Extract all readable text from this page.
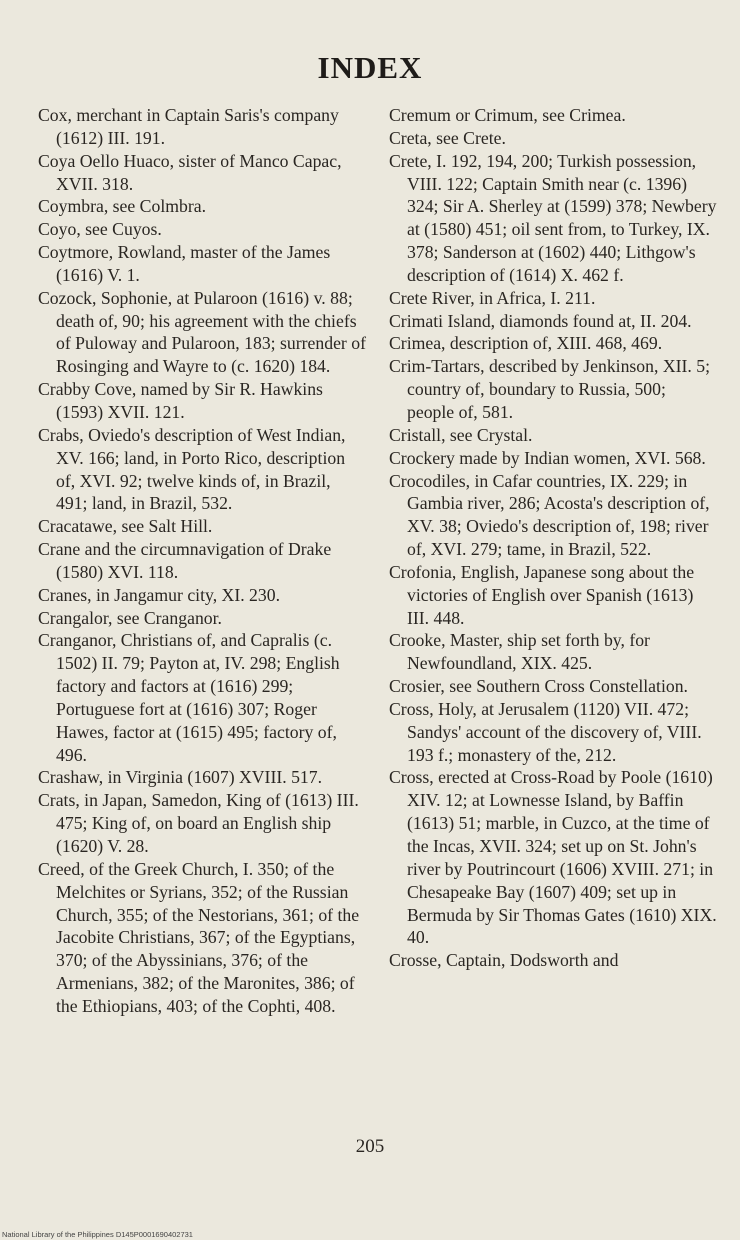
INDEX

Cox, merchant in Captain Saris's company (1612) III. 191.

Coya Oello Huaco, sister of Manco Capac, XVII. 318.

Coymbra, see Colmbra.

Coyo, see Cuyos.

Coytmore, Rowland, master of the James (1616) V. 1.

Cozock, Sophonie, at Pularoon (1616) v. 88; death of, 90; his agreement with the chiefs of Puloway and Pularoon, 183; surrender of Rosinging and Wayre to (c. 1620) 184.

Crabby Cove, named by Sir R. Hawkins (1593) XVII. 121.

Crabs, Oviedo's description of West Indian, XV. 166; land, in Porto Rico, description of, XVI. 92; twelve kinds of, in Brazil, 491; land, in Brazil, 532.

Cracatawe, see Salt Hill.

Crane and the circumnavigation of Drake (1580) XVI. 118.

Cranes, in Jangamur city, XI. 230.

Crangalor, see Cranganor.

Cranganor, Christians of, and Capralis (c. 1502) II. 79; Payton at, IV. 298; English factory and factors at (1616) 299; Portuguese fort at (1616) 307; Roger Hawes, factor at (1615) 495; factory of, 496.

Crashaw, in Virginia (1607) XVIII. 517.

Crats, in Japan, Samedon, King of (1613) III. 475; King of, on board an English ship (1620) V. 28.

Creed, of the Greek Church, I. 350; of the Melchites or Syrians, 352; of the Russian Church, 355; of the Nestorians, 361; of the Jacobite Christians, 367; of the Egyptians, 370; of the Abyssinians, 376; of the Armenians, 382; of the Maronites, 386; of the Ethiopians, 403; of the Cophti, 408.

Cremum or Crimum, see Crimea.

Creta, see Crete.

Crete, I. 192, 194, 200; Turkish possession, VIII. 122; Captain Smith near (c. 1396) 324; Sir A. Sherley at (1599) 378; Newbery at (1580) 451; oil sent from, to Turkey, IX. 378; Sanderson at (1602) 440; Lithgow's description of (1614) X. 462 f.

Crete River, in Africa, I. 211.

Crimati Island, diamonds found at, II. 204.

Crimea, description of, XIII. 468, 469.

Crim-Tartars, described by Jenkinson, XII. 5; country of, boundary to Russia, 500; people of, 581.

Cristall, see Crystal.

Crockery made by Indian women, XVI. 568.

Crocodiles, in Cafar countries, IX. 229; in Gambia river, 286; Acosta's description of, XV. 38; Oviedo's description of, 198; river of, XVI. 279; tame, in Brazil, 522.

Crofonia, English, Japanese song about the victories of English over Spanish (1613) III. 448.

Crooke, Master, ship set forth by, for Newfoundland, XIX. 425.

Crosier, see Southern Cross Constellation.

Cross, Holy, at Jerusalem (1120) VII. 472; Sandys' account of the discovery of, VIII. 193 f.; monastery of the, 212.

Cross, erected at Cross-Road by Poole (1610) XIV. 12; at Lownesse Island, by Baffin (1613) 51; marble, in Cuzco, at the time of the Incas, XVII. 324; set up on St. John's river by Poutrincourt (1606) XVIII. 271; in Chesapeake Bay (1607) 409; set up in Bermuda by Sir Thomas Gates (1610) XIX. 40.

Crosse, Captain, Dodsworth and

205
National Library of the Philippines D145P0001690402731
